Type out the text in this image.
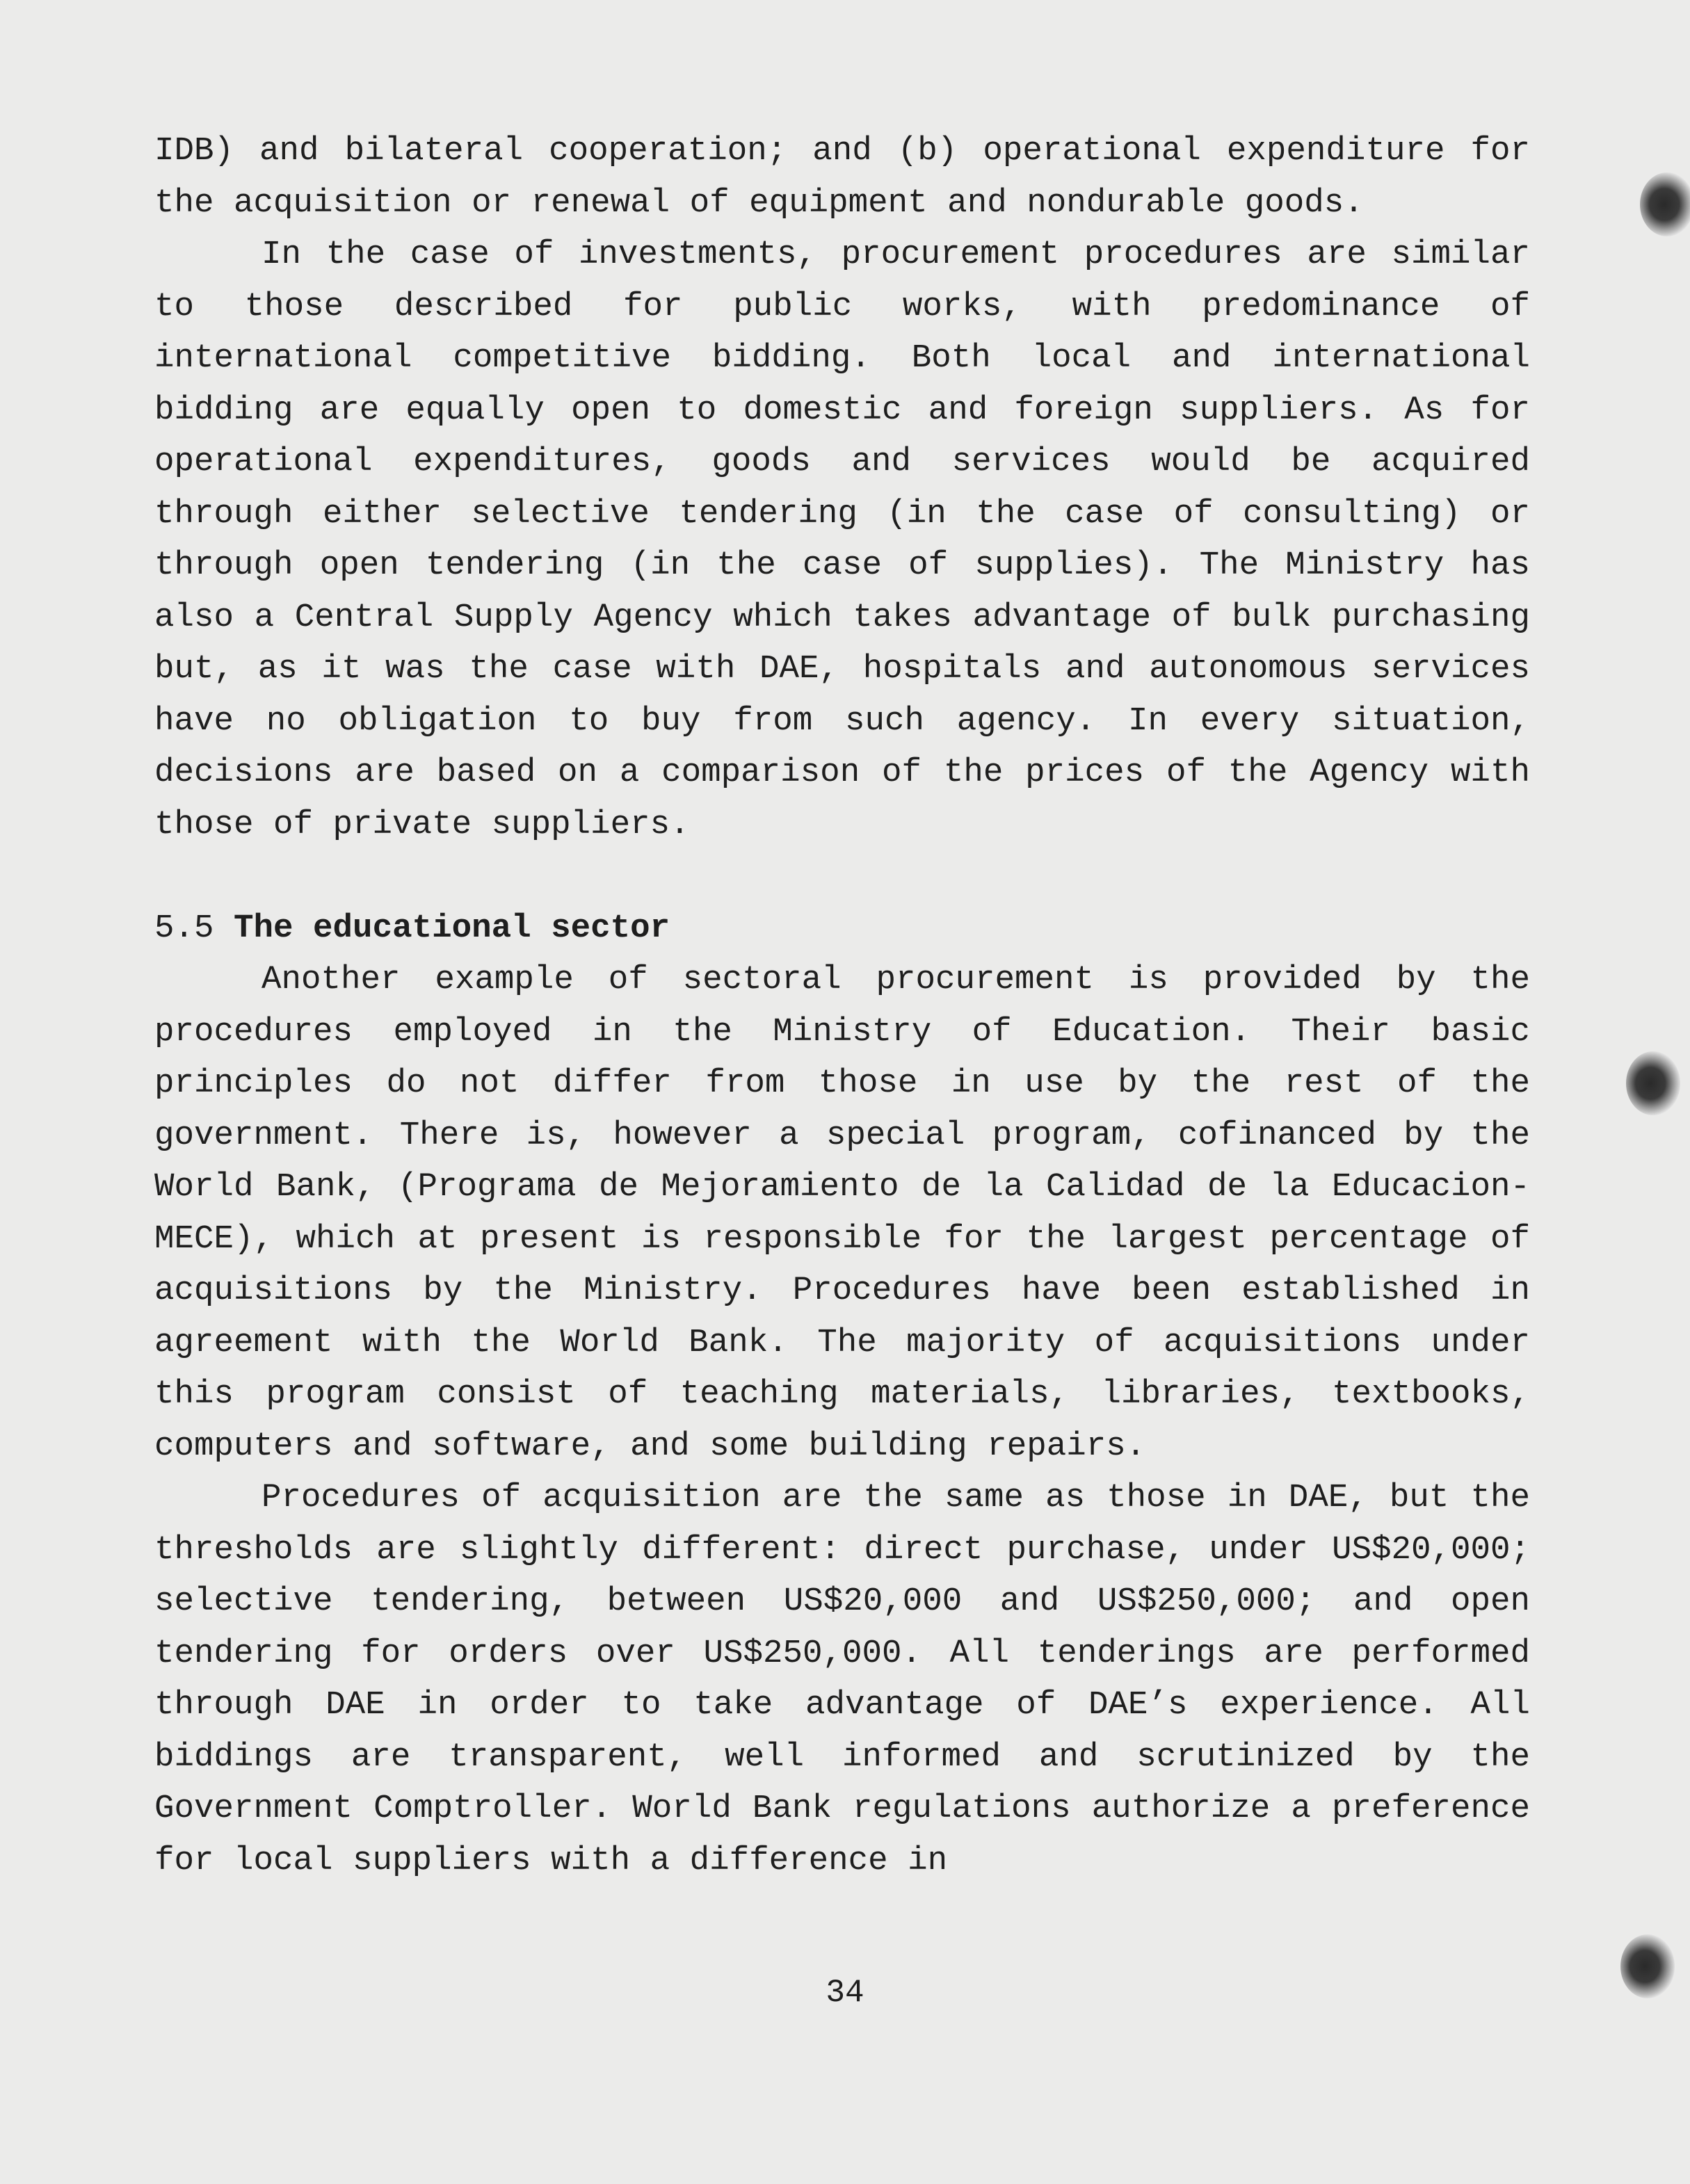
IDB) and bilateral cooperation; and (b) operational expenditure for the acquisition or renewal of equipment and nondurable goods.

In the case of investments, procurement procedures are similar to those described for public works, with predominance of international competitive bidding. Both local and international bidding are equally open to domestic and foreign suppliers. As for operational expenditures, goods and services would be acquired through either selective tendering (in the case of consulting) or through open tendering (in the case of supplies). The Ministry has also a Central Supply Agency which takes advantage of bulk purchasing but, as it was the case with DAE, hospitals and autonomous services have no obligation to buy from such agency. In every situation, decisions are based on a comparison of the prices of the Agency with those of private suppliers.

5.5 The educational sector

Another example of sectoral procurement is provided by the procedures employed in the Ministry of Education. Their basic principles do not differ from those in use by the rest of the government. There is, however a special program, cofinanced by the World Bank, (Programa de Mejoramiento de la Calidad de la Educacion-MECE), which at present is responsible for the largest percentage of acquisitions by the Ministry. Procedures have been established in agreement with the World Bank. The majority of acquisitions under this program consist of teaching materials, libraries, textbooks, computers and software, and some building repairs.

Procedures of acquisition are the same as those in DAE, but the thresholds are slightly different: direct purchase, under US$20,000; selective tendering, between US$20,000 and US$250,000; and open tendering for orders over US$250,000. All tenderings are performed through DAE in order to take advantage of DAE’s experience. All biddings are transparent, well informed and scrutinized by the Government Comptroller. World Bank regulations authorize a preference for local suppliers with a difference in

34
